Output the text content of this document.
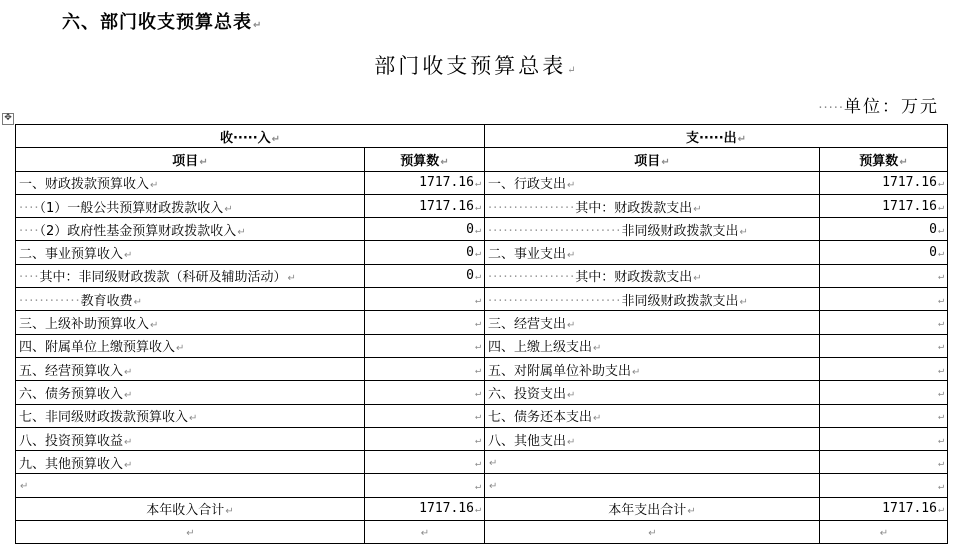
六、部门收支预算总表↵
部门收支预算总表↵
·····单位：万元
✥
收·····入↵		支·····出↵	
项目↵	预算数↵	项目↵	预算数↵
一、财政拨款预算收入↵	1717.16↵	一、行政支出↵	1717.16↵
····（1）一般公共预算财政拨款收入↵	1717.16↵	·················其中：财政拨款支出↵	1717.16↵
····（2）政府性基金预算财政拨款收入↵	0↵	··························非同级财政拨款支出↵	0↵
二、事业预算收入↵	0↵	二、事业支出↵	0↵
····其中：非同级财政拨款（科研及辅助活动）↵	0↵	·················其中：财政拨款支出↵	↵
············教育收费↵	↵	··························非同级财政拨款支出↵	↵
三、上级补助预算收入↵	↵	三、经营支出↵	↵
四、附属单位上缴预算收入↵	↵	四、上缴上级支出↵	↵
五、经营预算收入↵	↵	五、对附属单位补助支出↵	↵
六、债务预算收入↵	↵	六、投资支出↵	↵
七、非同级财政拨款预算收入↵	↵	七、债务还本支出↵	↵
八、投资预算收益↵	↵	八、其他支出↵	↵
九、其他预算收入↵	↵	↵	↵
↵	↵	↵	↵
本年收入合计↵	1717.16↵	本年支出合计↵	1717.16↵
↵	↵	↵	↵
